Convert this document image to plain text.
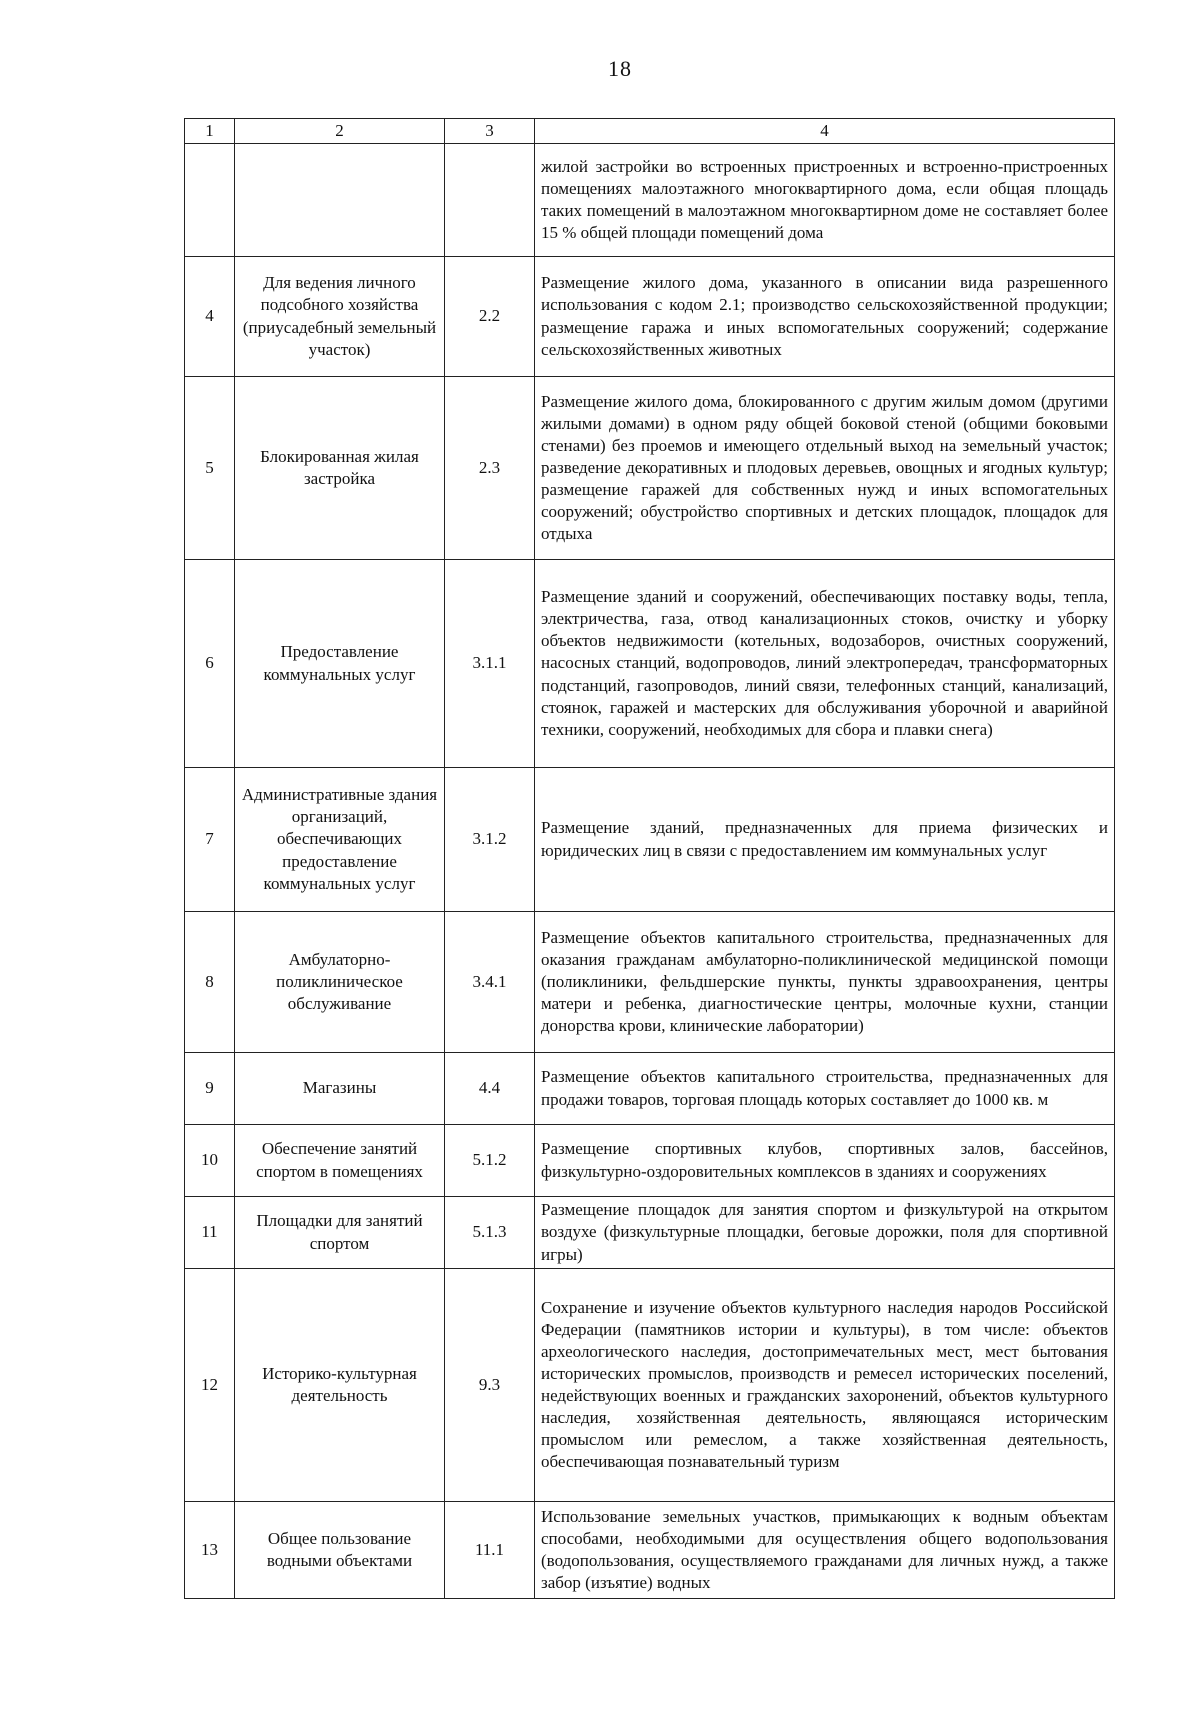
18
1	2	3	4
			жилой застройки во встроенных пристроенных и встроенно-пристроенных помещениях малоэтажного многоквартирного дома, если общая площадь таких помещений в малоэтажном многоквартирном доме не составляет более 15 % общей площади помещений дома
4	Для ведения личного подсобного хозяйства (приусадебный земельный участок)	2.2	Размещение жилого дома, указанного в описании вида разрешенного использования с кодом 2.1; производство сельскохозяйственной продукции; размещение гаража и иных вспомогательных сооружений; содержание сельскохозяйственных животных
5	Блокированная жилая застройка	2.3	Размещение жилого дома, блокированного с другим жилым домом (другими жилыми домами) в одном ряду общей боковой стеной (общими боковыми стенами) без проемов и имеющего отдельный выход на земельный участок; разведение декоративных и плодовых деревьев, овощных и ягодных культур; размещение гаражей для собственных нужд и иных вспомогательных сооружений; обустройство спортивных и детских площадок, площадок для отдыха
6	Предоставление коммунальных услуг	3.1.1	Размещение зданий и сооружений, обеспечивающих поставку воды, тепла, электричества, газа, отвод канализационных стоков, очистку и уборку объектов недвижимости (котельных, водозаборов, очистных сооружений, насосных станций, водопроводов, линий электропередач, трансформаторных подстанций, газопроводов, линий связи, телефонных станций, канализаций, стоянок, гаражей и мастерских для обслуживания уборочной и аварийной техники, сооружений, необходимых для сбора и плавки снега)
7	Административные здания организаций, обеспечивающих предоставление коммунальных услуг	3.1.2	Размещение зданий, предназначенных для приема физических и юридических лиц в связи с предоставлением им коммунальных услуг
8	Амбулаторно-поликлиническое обслуживание	3.4.1	Размещение объектов капитального строительства, предназначенных для оказания гражданам амбулаторно-поликлинической медицинской помощи (поликлиники, фельдшерские пункты, пункты здравоохранения, центры матери и ребенка, диагностические центры, молочные кухни, станции донорства крови, клинические лаборатории)
9	Магазины	4.4	Размещение объектов капитального строительства, предназначенных для продажи товаров, торговая площадь которых составляет до 1000 кв. м
10	Обеспечение занятий спортом в помещениях	5.1.2	Размещение спортивных клубов, спортивных залов, бассейнов, физкультурно-оздоровительных комплексов в зданиях и сооружениях
11	Площадки для занятий спортом	5.1.3	Размещение площадок для занятия спортом и физкультурой на открытом воздухе (физкультурные площадки, беговые дорожки, поля для спортивной игры)
12	Историко-культурная деятельность	9.3	Сохранение и изучение объектов культурного наследия народов Российской Федерации (памятников истории и культуры), в том числе: объектов археологического наследия, достопримечательных мест, мест бытования исторических промыслов, производств и ремесел исторических поселений, недействующих военных и гражданских захоронений, объектов культурного наследия, хозяйственная деятельность, являющаяся историческим промыслом или ремеслом, а также хозяйственная деятельность, обеспечивающая познавательный туризм
13	Общее пользование водными объектами	11.1	Использование земельных участков, примыкающих к водным объектам способами, необходимыми для осуществления общего водопользования (водопользования, осуществляемого гражданами для личных нужд, а также забор (изъятие) водных
